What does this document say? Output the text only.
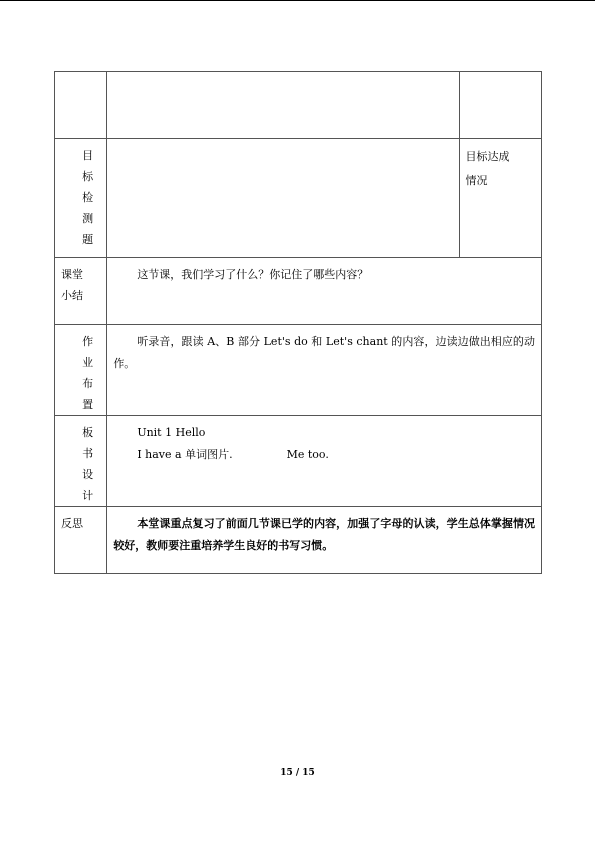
目
标
检
测
题		目标达成
情况

课堂
小结	这节课，我们学习了什么？你记住了哪些内容？	

作
业
布
置	听录音，跟读 A、B 部分 Let's do 和 Let's chant 的内容，边读边做出相应的动作。	

板
书
设
计	Unit 1 Hello
I have a 单词图片. Me too.	

反思	本堂课重点复习了前面几节课已学的内容，加强了字母的认读，学生总体掌握情况较好，教师要注重培养学生良好的书写习惯。	
15 / 15
